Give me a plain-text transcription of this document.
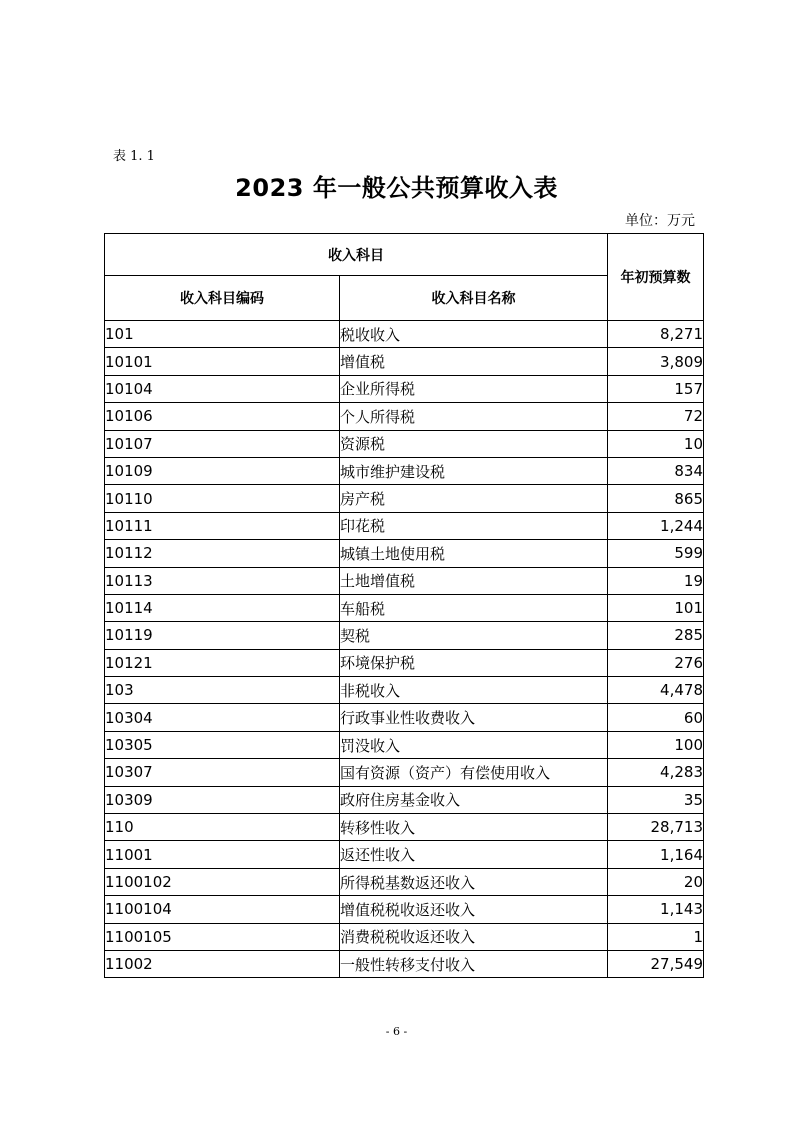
表 1. 1
2023 年一般公共预算收入表
单位：万元
收入科目		年初预算数
收入科目编码	收入科目名称	
101	税收收入	8,271
10101	增值税	3,809
10104	企业所得税	157
10106	个人所得税	72
10107	资源税	10
10109	城市维护建设税	834
10110	房产税	865
10111	印花税	1,244
10112	城镇土地使用税	599
10113	土地增值税	19
10114	车船税	101
10119	契税	285
10121	环境保护税	276
103	非税收入	4,478
10304	行政事业性收费收入	60
10305	罚没收入	100
10307	国有资源（资产）有偿使用收入	4,283
10309	政府住房基金收入	35
110	转移性收入	28,713
11001	返还性收入	1,164
1100102	所得税基数返还收入	20
1100104	增值税税收返还收入	1,143
1100105	消费税税收返还收入	1
11002	一般性转移支付收入	27,549
- 6 -
